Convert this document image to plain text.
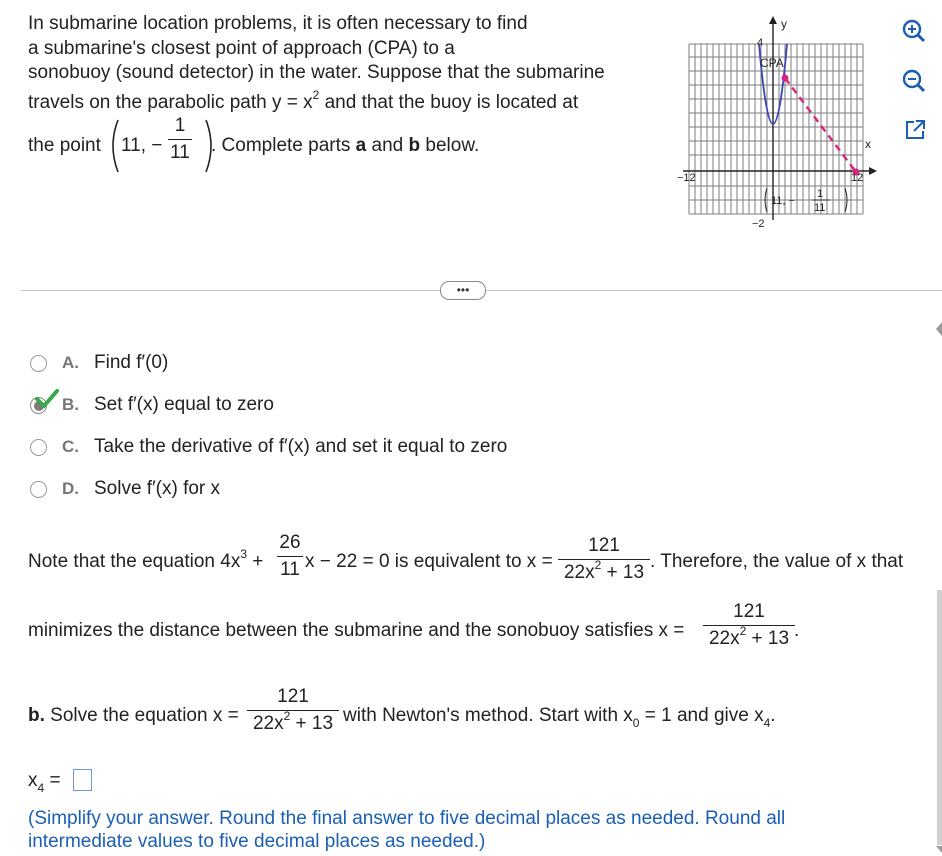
In submarine location problems, it is often necessary to find
a submarine's closest point of approach (CPA) to a
sonobuoy (sound detector) in the water. Suppose that the submarine
travels on the parabolic path $y = x^2$ and that the buoy is located at
the point 11, −
1
11 . Complete parts a and b below.
y
x
4
−2
−12	12
CPA
11, −
1
11
•••
A. Find f′(0)
B. Set f′(x) equal to zero
C. Take the derivative of f′(x) and set it equal to zero
D. Solve f′(x) for x
Note that the equation $4x^3$ +
26
11 x − 22 = 0 is equivalent to x =
121
$22x^2 + 13$
. Therefore, the value of x that
minimizes the distance between the submarine and the sonobuoy satisfies x =
121
$22x^2 + 13$ .
b. Solve the equation x =
121
$22x^2 + 13$ with Newton's method. Start with $x_0 = 1$ and give $x_4$.
$x_4$ =
(Simplify your answer. Round the final answer to five decimal places as needed. Round all
intermediate values to five decimal places as needed.)
